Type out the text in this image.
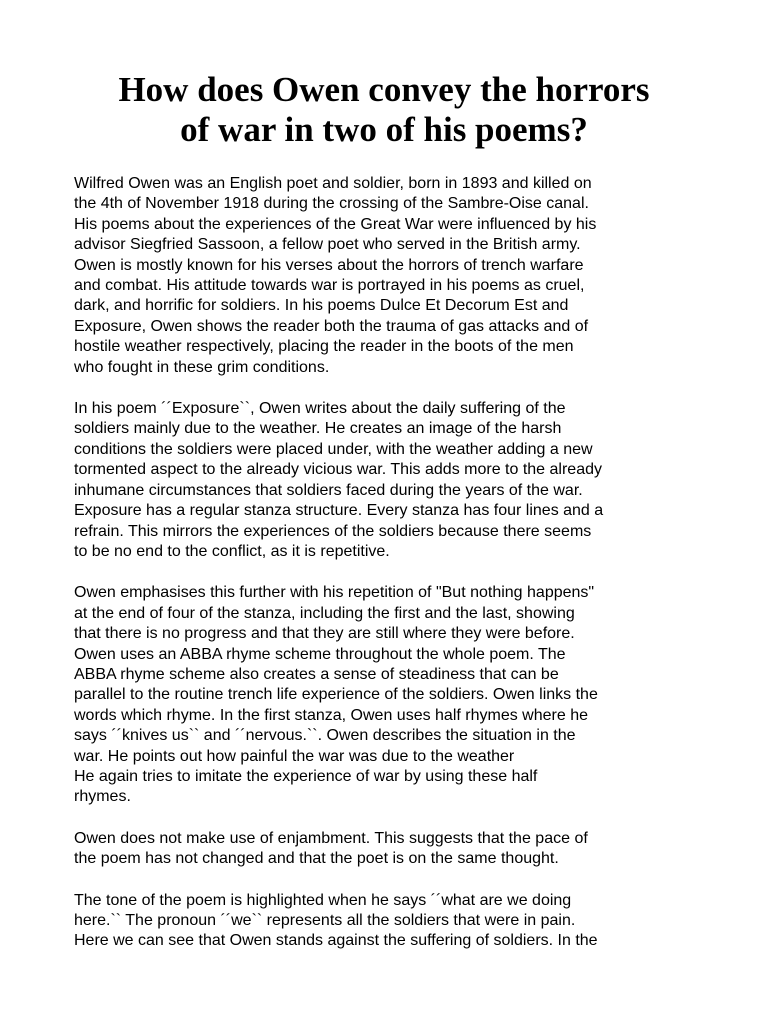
How does Owen convey the horrors
of war in two of his poems?

Wilfred Owen was an English poet and soldier, born in 1893 and killed on
the 4th of November 1918 during the crossing of the Sambre-Oise canal.
His poems about the experiences of the Great War were influenced by his
advisor Siegfried Sassoon, a fellow poet who served in the British army.
Owen is mostly known for his verses about the horrors of trench warfare
and combat. His attitude towards war is portrayed in his poems as cruel,
dark, and horrific for soldiers. In his poems Dulce Et Decorum Est and
Exposure, Owen shows the reader both the trauma of gas attacks and of
hostile weather respectively, placing the reader in the boots of the men
who fought in these grim conditions.

In his poem ´´Exposure``, Owen writes about the daily suffering of the
soldiers mainly due to the weather. He creates an image of the harsh
conditions the soldiers were placed under, with the weather adding a new
tormented aspect to the already vicious war. This adds more to the already
inhumane circumstances that soldiers faced during the years of the war.
Exposure has a regular stanza structure. Every stanza has four lines and a
refrain. This mirrors the experiences of the soldiers because there seems
to be no end to the conflict, as it is repetitive.

Owen emphasises this further with his repetition of "But nothing happens"
at the end of four of the stanza, including the first and the last, showing
that there is no progress and that they are still where they were before.
Owen uses an ABBA rhyme scheme throughout the whole poem. The
ABBA rhyme scheme also creates a sense of steadiness that can be
parallel to the routine trench life experience of the soldiers. Owen links the
words which rhyme. In the first stanza, Owen uses half rhymes where he
says ´´knives us`` and ´´nervous.``. Owen describes the situation in the
war. He points out how painful the war was due to the weather
He again tries to imitate the experience of war by using these half
rhymes.

Owen does not make use of enjambment. This suggests that the pace of
the poem has not changed and that the poet is on the same thought.

The tone of the poem is highlighted when he says ´´what are we doing
here.`` The pronoun ´´we`` represents all the soldiers that were in pain.
Here we can see that Owen stands against the suffering of soldiers. In the
